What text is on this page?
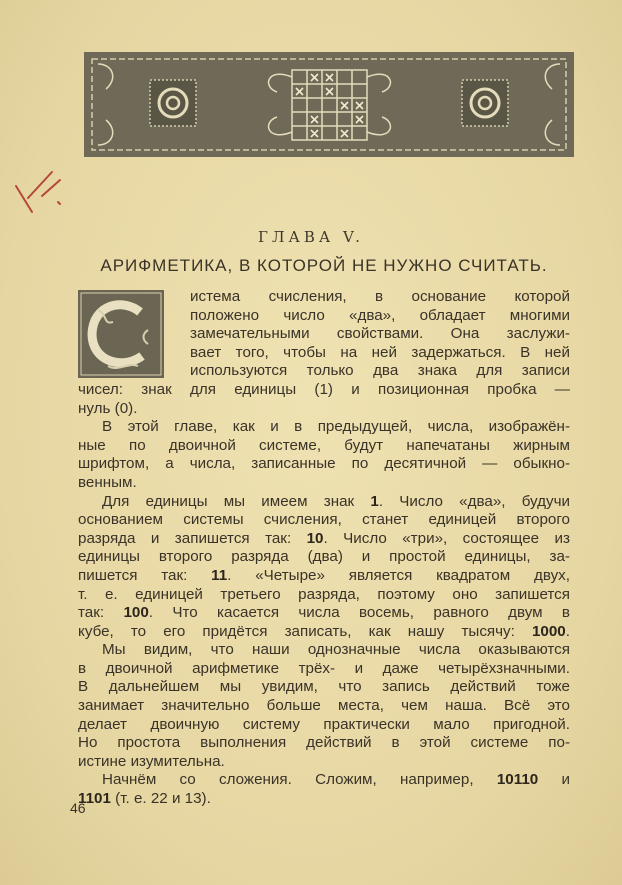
ГЛАВА V.
АРИФМЕТИКА, В КОТОРОЙ НЕ НУЖНО СЧИТАТЬ.
истема счисления, в основание которой
положено число «два», обладает многими
замечательными свойствами. Она заслужи-
вает того, чтобы на ней задержаться. В ней
используются только два знака для записи
чисел: знак для единицы (1) и позиционная пробка —
нуль (0).
В этой главе, как и в предыдущей, числа, изображён-
ные по двоичной системе, будут напечатаны жирным
шрифтом, а числа, записанные по десятичной — обыкно-
венным.
Для единицы мы имеем знак 1. Число «два», будучи
основанием системы счисления, станет единицей второго
разряда и запишется так: 10. Число «три», состоящее из
единицы второго разряда (два) и простой единицы, за-
пишется так: 11. «Четыре» является квадратом двух,
т. е. единицей третьего разряда, поэтому оно запишется
так: 100. Что касается числа восемь, равного двум в
кубе, то его придётся записать, как нашу тысячу: 1000.
Мы видим, что наши однозначные числа оказываются
в двоичной арифметике трёх- и даже четырёхзначными.
В дальнейшем мы увидим, что запись действий тоже
занимает значительно больше места, чем наша. Всё это
делает двоичную систему практически мало пригодной.
Но простота выполнения действий в этой системе по-
истине изумительна.
Начнём со сложения. Сложим, например, 10110 и
1101 (т. е. 22 и 13).
46
